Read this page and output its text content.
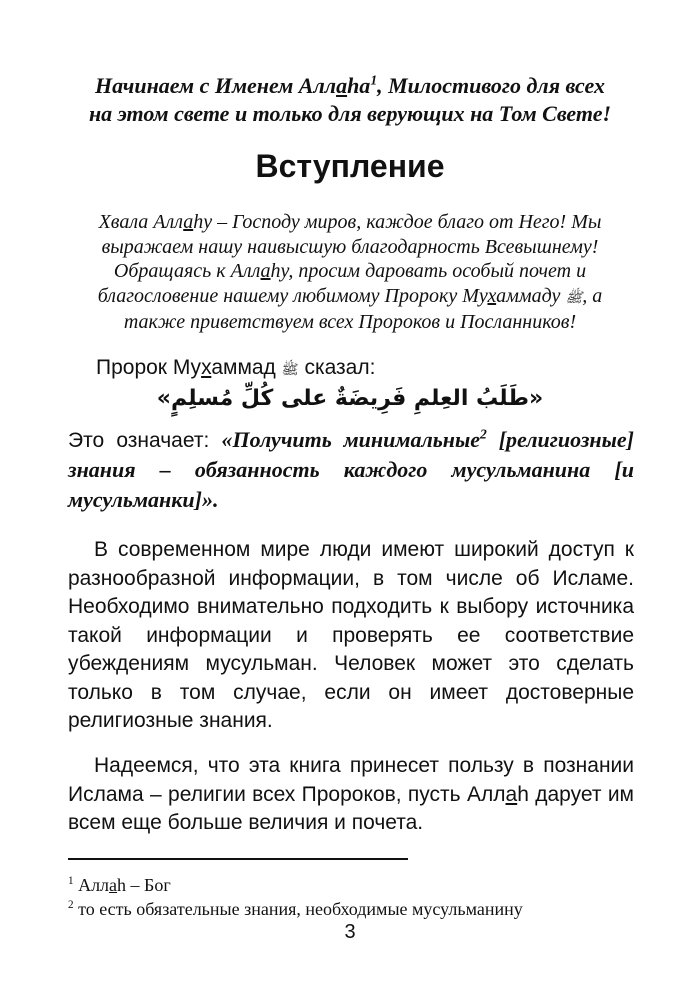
Начинаем с Именем Аллаhа$^1$, Милостивого для всех
на этом свете и только для верующих на Том Свете!
Вступление
Хвала Аллаhу – Господу миров, каждое благо от Него! Мы
выражаем нашу наивысшую благодарность Всевышнему!
Обращаясь к Аллаhу, просим даровать особый почет и
благословение нашему любимому Пророку Мухаммаду ﷺ, а
также приветствуем всех Пророков и Посланников!
Пророк Мухаммад ﷺ сказал:
«طَلَبُ العِلمِ فَرِيضَةٌ على كُلِّ مُسلِمٍ»
Это означает: «Получить минимальные$^2$ [религиозные] знания – обязанность каждого мусульманина [и мусульманки]».
В современном мире люди имеют широкий доступ к разнообразной информации, в том числе об Исламе. Необходимо внимательно подходить к выбору источника такой информации и проверять ее соответствие убеждениям мусульман. Человек может это сделать только в том случае, если он имеет достоверные религиозные знания.
Надеемся, что эта книга принесет пользу в познании Ислама – религии всех Пророков, пусть Аллаh дарует им всем еще больше величия и почета.
$^1$ Аллаh – Бог
$^2$ то есть обязательные знания, необходимые мусульманину
3
